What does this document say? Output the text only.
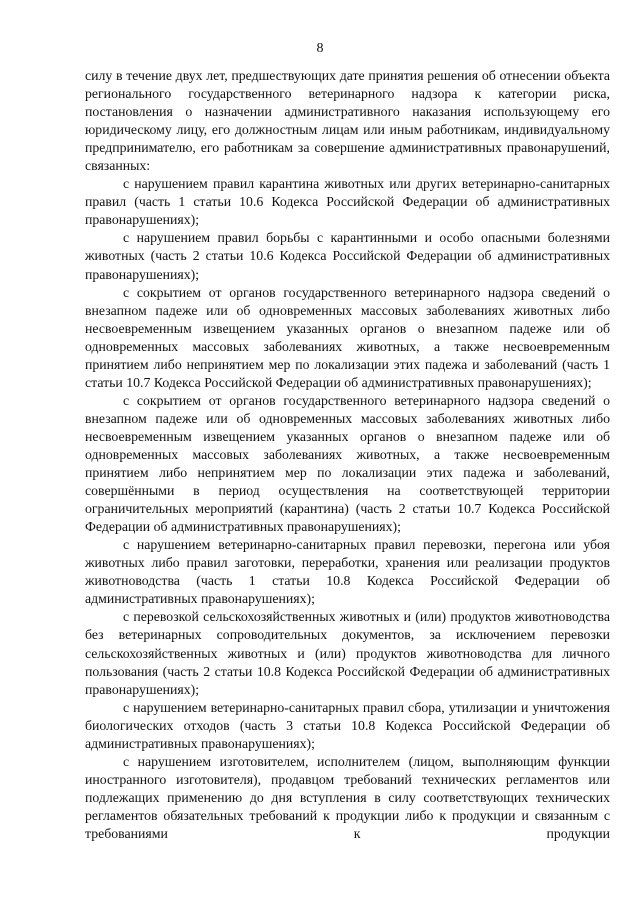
8

силу в течение двух лет, предшествующих дате принятия решения об отнесении объекта регионального государственного ветеринарного надзора к категории риска, постановления о назначении административного наказания использующему его юридическому лицу, его должностным лицам или иным работникам, индивидуальному предпринимателю, его работникам за совершение административных правонарушений, связанных:

с нарушением правил карантина животных или других ветеринарно-санитарных правил (часть 1 статьи 10.6 Кодекса Российской Федерации об административных правонарушениях);

с нарушением правил борьбы с карантинными и особо опасными болезнями животных (часть 2 статьи 10.6 Кодекса Российской Федерации об административных правонарушениях);

с сокрытием от органов государственного ветеринарного надзора сведений о внезапном падеже или об одновременных массовых заболеваниях животных либо несвоевременным извещением указанных органов о внезапном падеже или об одновременных массовых заболеваниях животных, а также несвоевременным принятием либо непринятием мер по локализации этих падежа и заболеваний (часть 1 статьи 10.7 Кодекса Российской Федерации об административных правонарушениях);

с сокрытием от органов государственного ветеринарного надзора сведений о внезапном падеже или об одновременных массовых заболеваниях животных либо несвоевременным извещением указанных органов о внезапном падеже или об одновременных массовых заболеваниях животных, а также несвоевременным принятием либо непринятием мер по локализации этих падежа и заболеваний, совершёнными в период осуществления на соответствующей территории ограничительных мероприятий (карантина) (часть 2 статьи 10.7 Кодекса Российской Федерации об административных правонарушениях);

с нарушением ветеринарно-санитарных правил перевозки, перегона или убоя животных либо правил заготовки, переработки, хранения или реализации продуктов животноводства (часть 1 статьи 10.8 Кодекса Российской Федерации об административных правонарушениях);

с перевозкой сельскохозяйственных животных и (или) продуктов животноводства без ветеринарных сопроводительных документов, за исключением перевозки сельскохозяйственных животных и (или) продуктов животноводства для личного пользования (часть 2 статьи 10.8 Кодекса Российской Федерации об административных правонарушениях);

с нарушением ветеринарно-санитарных правил сбора, утилизации и уничтожения биологических отходов (часть 3 статьи 10.8 Кодекса Российской Федерации об административных правонарушениях);

с нарушением изготовителем, исполнителем (лицом, выполняющим функции иностранного изготовителя), продавцом требований технических регламентов или подлежащих применению до дня вступления в силу соответствующих технических регламентов обязательных требований к продукции либо к продукции и связанным с требованиями к продукции
